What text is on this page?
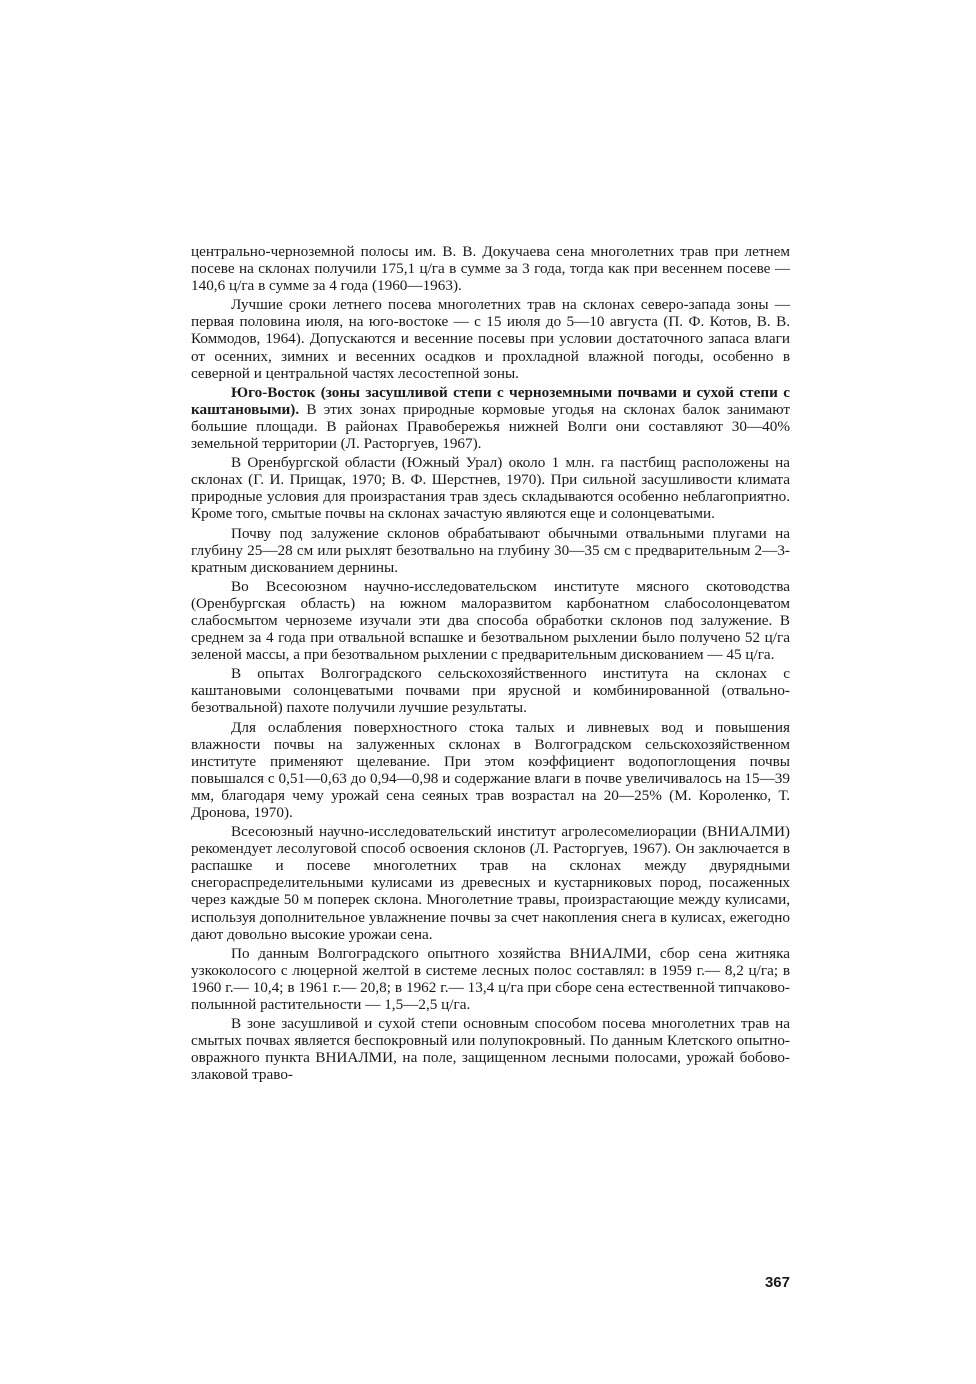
центрально-черноземной полосы им. В. В. Докучаева сена многолетних трав при летнем посеве на склонах получили 175,1 ц/га в сумме за 3 года, тогда как при весеннем посеве — 140,6 ц/га в сумме за 4 года (1960—1963).

Лучшие сроки летнего посева многолетних трав на склонах северо-запада зоны — первая половина июля, на юго-востоке — с 15 июля до 5—10 августа (П. Ф. Котов, В. В. Коммодов, 1964). Допускаются и весенние посевы при условии достаточного запаса влаги от осенних, зимних и весенних осадков и прохладной влажной погоды, особенно в северной и центральной частях лесостепной зоны.

Юго-Восток (зоны засушливой степи с черноземными почвами и сухой степи с каштановыми). В этих зонах природные кормовые угодья на склонах балок занимают большие площади. В районах Правобережья нижней Волги они составляют 30—40% земельной территории (Л. Расторгуев, 1967).

В Оренбургской области (Южный Урал) около 1 млн. га пастбищ расположены на склонах (Г. И. Прищак, 1970; В. Ф. Шерстнев, 1970). При сильной засушливости климата природные условия для произрастания трав здесь складываются особенно неблагоприятно. Кроме того, смытые почвы на склонах зачастую являются еще и солонцеватыми.

Почву под залужение склонов обрабатывают обычными отвальными плугами на глубину 25—28 см или рыхлят безотвально на глубину 30—35 см с предварительным 2—3-кратным дискованием дернины.

Во Всесоюзном научно-исследовательском институте мясного скотоводства (Оренбургская область) на южном малоразвитом карбонатном слабосолонцеватом слабосмытом черноземе изучали эти два способа обработки склонов под залужение. В среднем за 4 года при отвальной вспашке и безотвальном рыхлении было получено 52 ц/га зеленой массы, а при безотвальном рыхлении с предварительным дискованием — 45 ц/га.

В опытах Волгоградского сельскохозяйственного института на склонах с каштановыми солонцеватыми почвами при ярусной и комбинированной (отвально-безотвальной) пахоте получили лучшие результаты.

Для ослабления поверхностного стока талых и ливневых вод и повышения влажности почвы на залуженных склонах в Волгоградском сельскохозяйственном институте применяют щелевание. При этом коэффициент водопоглощения почвы повышался с 0,51—0,63 до 0,94—0,98 и содержание влаги в почве увеличивалось на 15—39 мм, благодаря чему урожай сена сеяных трав возрастал на 20—25% (М. Короленко, Т. Дронова, 1970).

Всесоюзный научно-исследовательский институт агролесомелиорации (ВНИАЛМИ) рекомендует лесолуговой способ освоения склонов (Л. Расторгуев, 1967). Он заключается в распашке и посеве многолетних трав на склонах между двурядными снегораспределительными кулисами из древесных и кустарниковых пород, посаженных через каждые 50 м поперек склона. Многолетние травы, произрастающие между кулисами, используя дополнительное увлажнение почвы за счет накопления снега в кулисах, ежегодно дают довольно высокие урожаи сена.

По данным Волгоградского опытного хозяйства ВНИАЛМИ, сбор сена житняка узкоколосого с люцерной желтой в системе лесных полос составлял: в 1959 г.— 8,2 ц/га; в 1960 г.— 10,4; в 1961 г.— 20,8; в 1962 г.— 13,4 ц/га при сборе сена естественной типчаково-полынной растительности — 1,5—2,5 ц/га.

В зоне засушливой и сухой степи основным способом посева многолетних трав на смытых почвах является беспокровный или полупокровный. По данным Клетского опытно-овражного пункта ВНИАЛМИ, на поле, защищенном лесными полосами, урожай бобово-злаковой траво-

367
